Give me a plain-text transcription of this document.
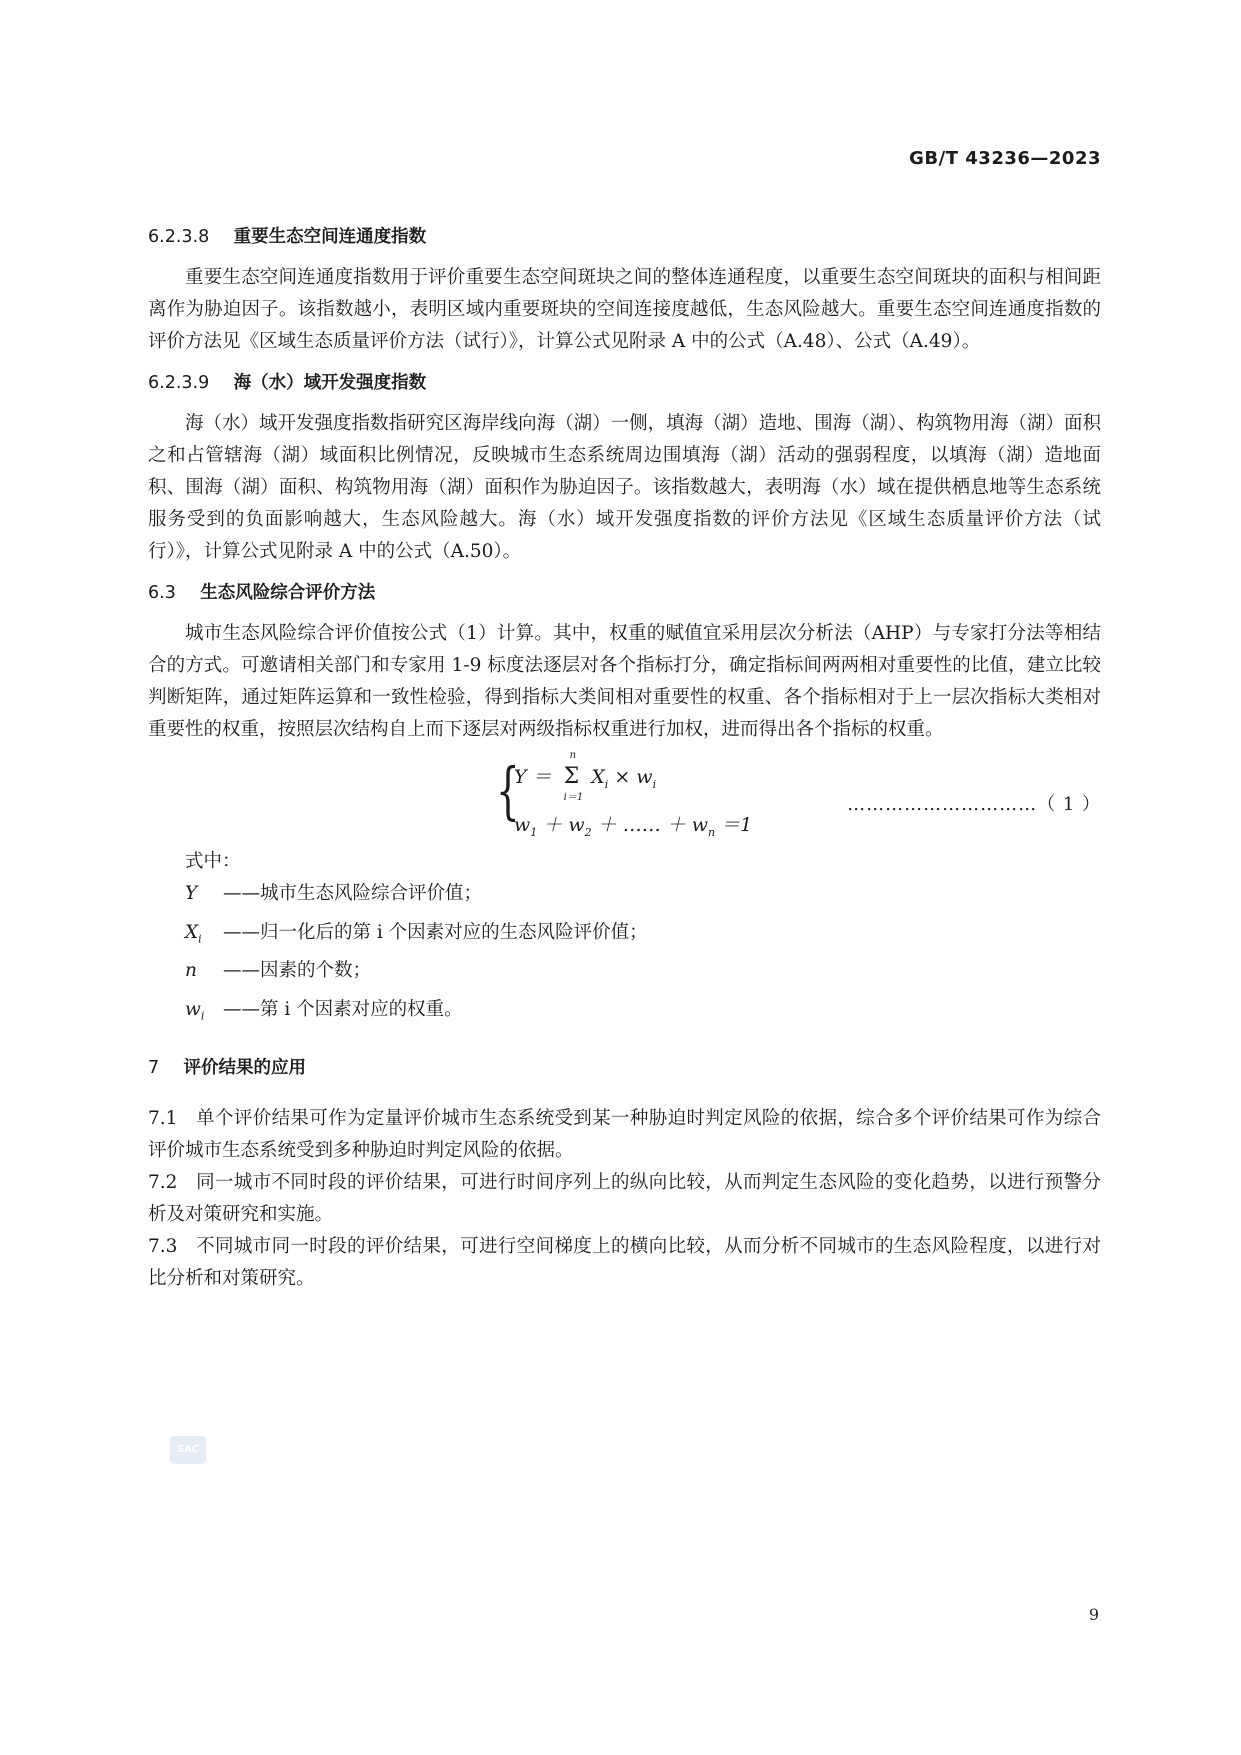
GB/T 43236—2023
6.2.3.8 重要生态空间连通度指数

重要生态空间连通度指数用于评价重要生态空间斑块之间的整体连通程度，以重要生态空间斑块的面积与相间距离作为胁迫因子。该指数越小，表明区域内重要斑块的空间连接度越低，生态风险越大。重要生态空间连通度指数的评价方法见《区域生态质量评价方法（试行）》，计算公式见附录 A 中的公式（A.48）、公式（A.49）。

6.2.3.9 海（水）域开发强度指数

海（水）域开发强度指数指研究区海岸线向海（湖）一侧，填海（湖）造地、围海（湖）、构筑物用海（湖）面积之和占管辖海（湖）域面积比例情况，反映城市生态系统周边围填海（湖）活动的强弱程度，以填海（湖）造地面积、围海（湖）面积、构筑物用海（湖）面积作为胁迫因子。该指数越大，表明海（水）域在提供栖息地等生态系统服务受到的负面影响越大，生态风险越大。海（水）域开发强度指数的评价方法见《区域生态质量评价方法（试行）》，计算公式见附录 A 中的公式（A.50）。

6.3 生态风险综合评价方法

城市生态风险综合评价值按公式（1）计算。其中，权重的赋值宜采用层次分析法（AHP）与专家打分法等相结合的方式。可邀请相关部门和专家用 1-9 标度法逐层对各个指标打分，确定指标间两两相对重要性的比值，建立比较判断矩阵，通过矩阵运算和一致性检验，得到指标大类间相对重要性的权重、各个指标相对于上一层次指标大类相对重要性的权重，按照层次结构自上而下逐层对两级指标权重进行加权，进而得出各个指标的权重。

{
Y ＝ Σ
n
i＝1
$X_i \times w_i$
$w_1 + w_2$ ＋ …… ＋ $w_n =1$
…………………………（ 1 ）
式中：
Y ——城市生态风险综合评价值；
$X_i$ ——归一化后的第 i 个因素对应的生态风险评价值；
n ——因素的个数；
$w_i$ ——第 i 个因素对应的权重。
7 评价结果的应用

7.1 单个评价结果可作为定量评价城市生态系统受到某一种胁迫时判定风险的依据，综合多个评价结果可作为综合评价城市生态系统受到多种胁迫时判定风险的依据。

7.2 同一城市不同时段的评价结果，可进行时间序列上的纵向比较，从而判定生态风险的变化趋势，以进行预警分析及对策研究和实施。

7.3 不同城市同一时段的评价结果，可进行空间梯度上的横向比较，从而分析不同城市的生态风险程度，以进行对比分析和对策研究。

SAC
9
